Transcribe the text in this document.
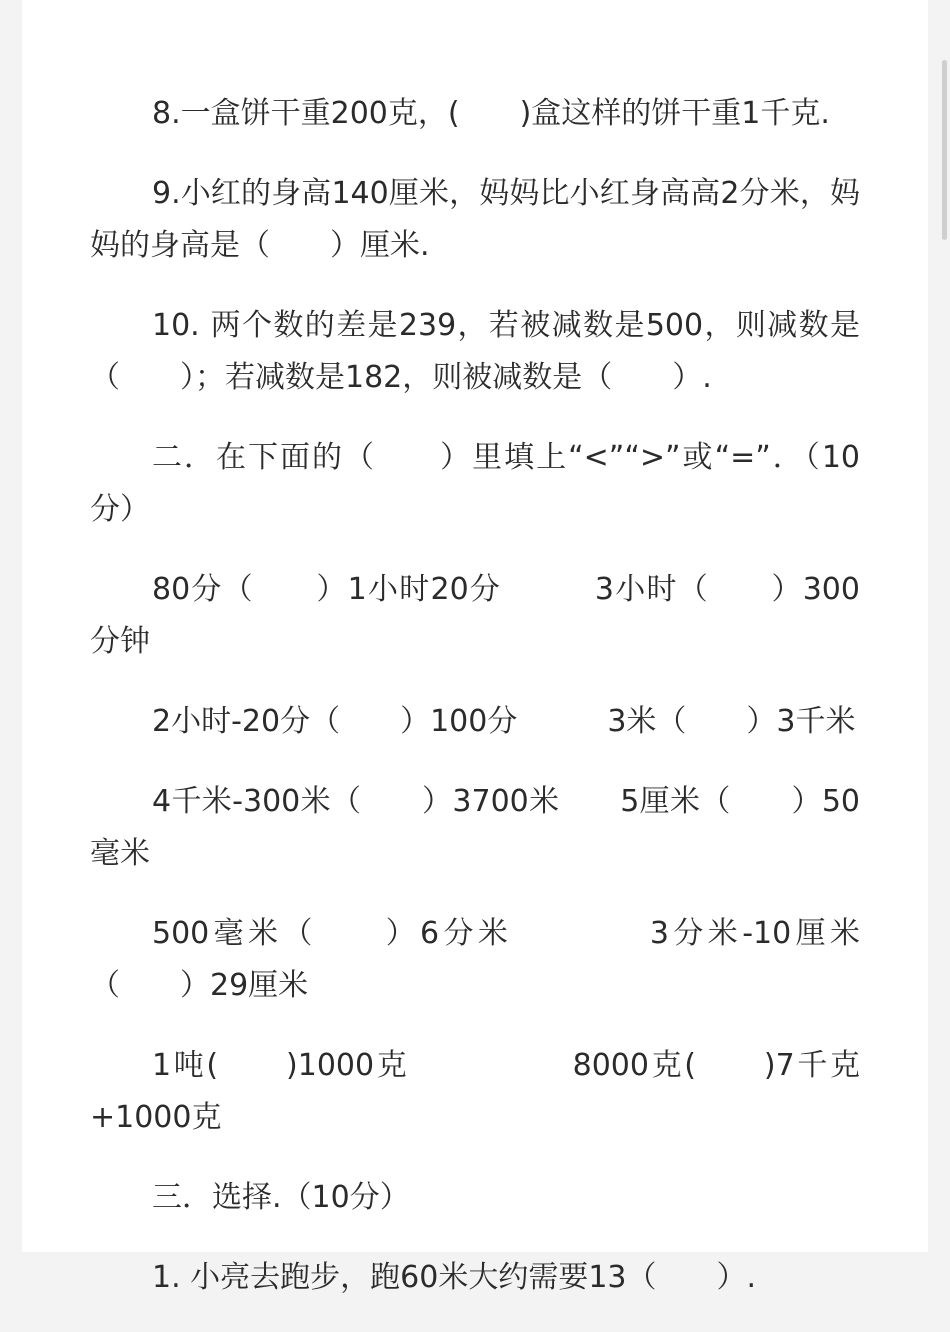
8.一盒饼干重200克，(　　)盒这样的饼干重1千克.

9.小红的身高140厘米，妈妈比小红身高高2分米，妈妈的身高是（　　）厘米.

10. 两个数的差是239，若被减数是500，则减数是（　　）；若减数是182，则被减数是（　　）.

二．在下面的（　　）里填上“<”“>”或“=”．（10分）

80分（　　）1小时20分　　　3小时（　　）300分钟

2小时-20分（　　）100分　　　3米（　　）3千米

4千米-300米（　　）3700米　　5厘米（　　）50毫米

500毫米（　　）6分米　　　　3分米-10厘米（　　）29厘米

1吨(　　)1000克　　　　　8000克(　　)7千克+1000克

三．选择.（10分）

1. 小亮去跑步，跑60米大约需要13（　　）.
